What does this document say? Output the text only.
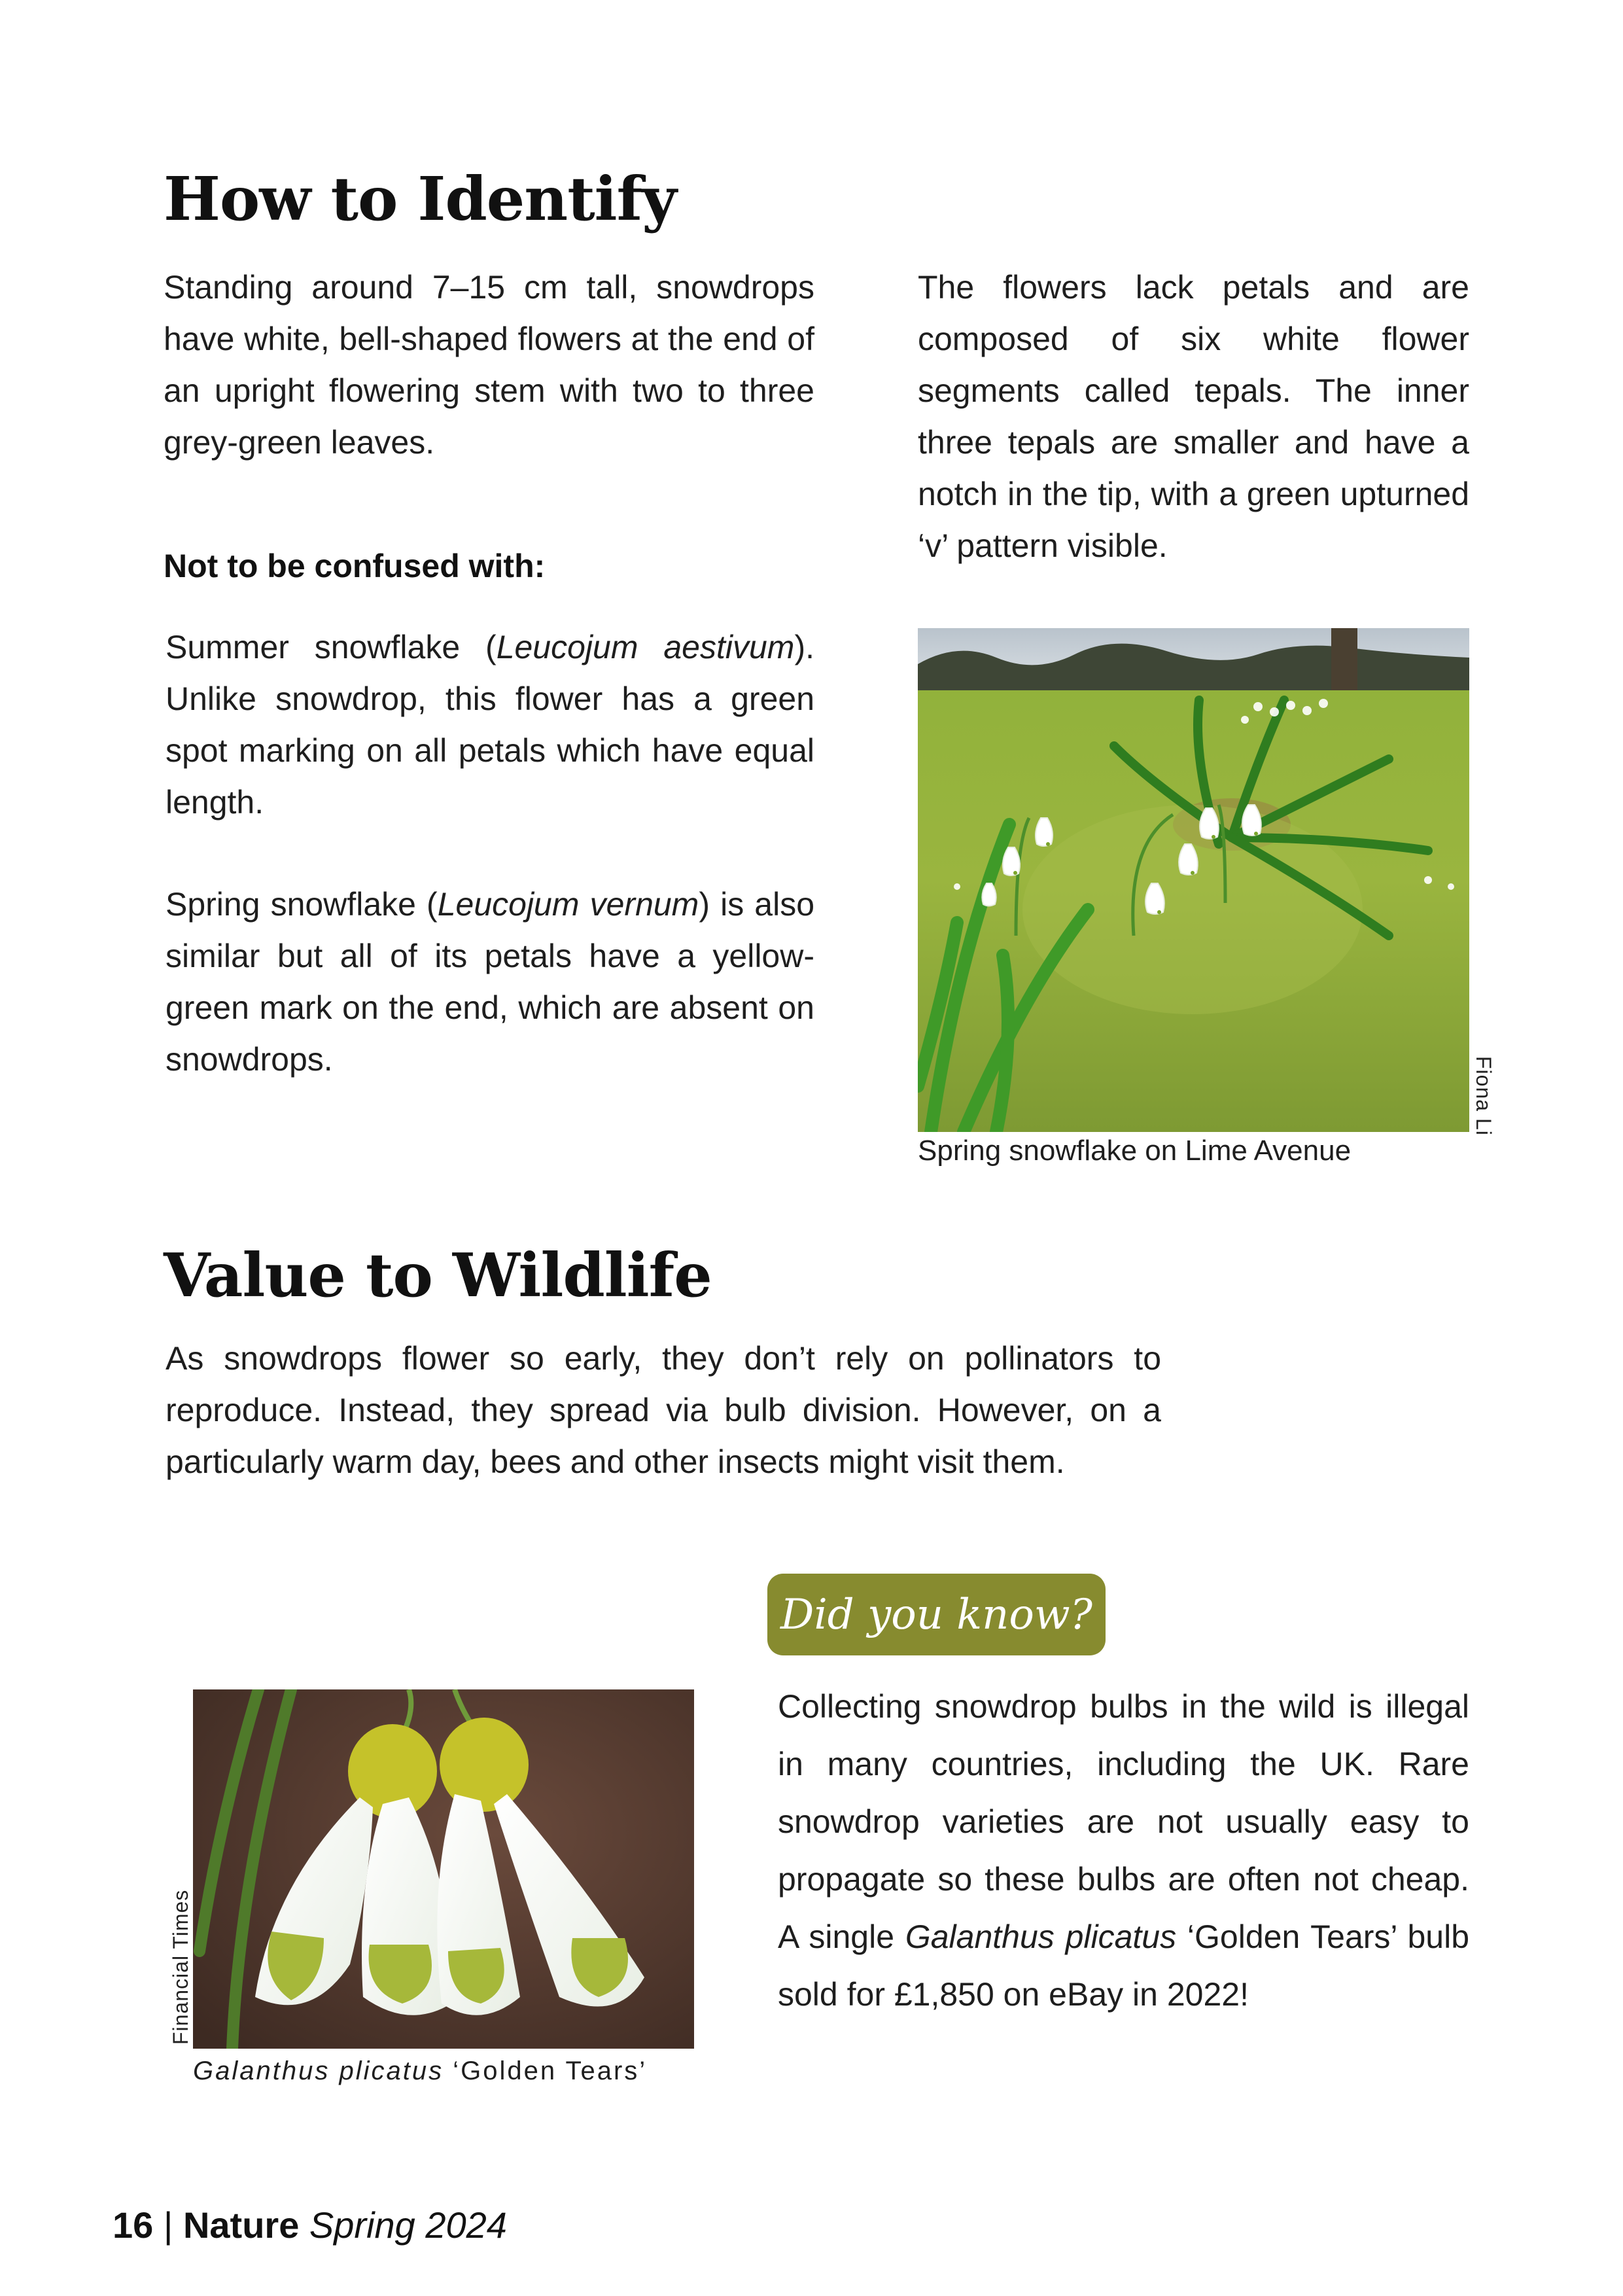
How to Identify

Standing around 7–15 cm tall, snowdrops have white, bell-shaped flowers at the end of an upright flowering stem with two to three grey-green leaves.

The flowers lack petals and are composed of six white flower segments called tepals. The inner three tepals are smaller and have a notch in the tip, with a green upturned ‘v’ pattern visible.

Not to be confused with:

Summer snowflake (Leucojum aestivum). Unlike snowdrop, this flower has a green spot marking on all petals which have equal length.

Spring snowflake (Leucojum vernum) is also similar but all of its petals have a yellow-green mark on the end, which are absent on snowdrops.	Fiona Li
Spring snowflake on Lime Avenue
Value to Wildlife

As snowdrops flower so early, they don’t rely on pollinators to reproduce. Instead, they spread via bulb division. However, on a particularly warm day, bees and other insects might visit them.

Did you know?

Collecting snowdrop bulbs in the wild is illegal in many countries, including the UK. Rare snowdrop varieties are not usually easy to propagate so these bulbs are often not cheap. A single Galanthus plicatus ‘Golden Tears’ bulb sold for £1,850 on eBay in 2022!

Financial Times
Galanthus plicatus ‘Golden Tears’
16 | Nature Spring 2024
